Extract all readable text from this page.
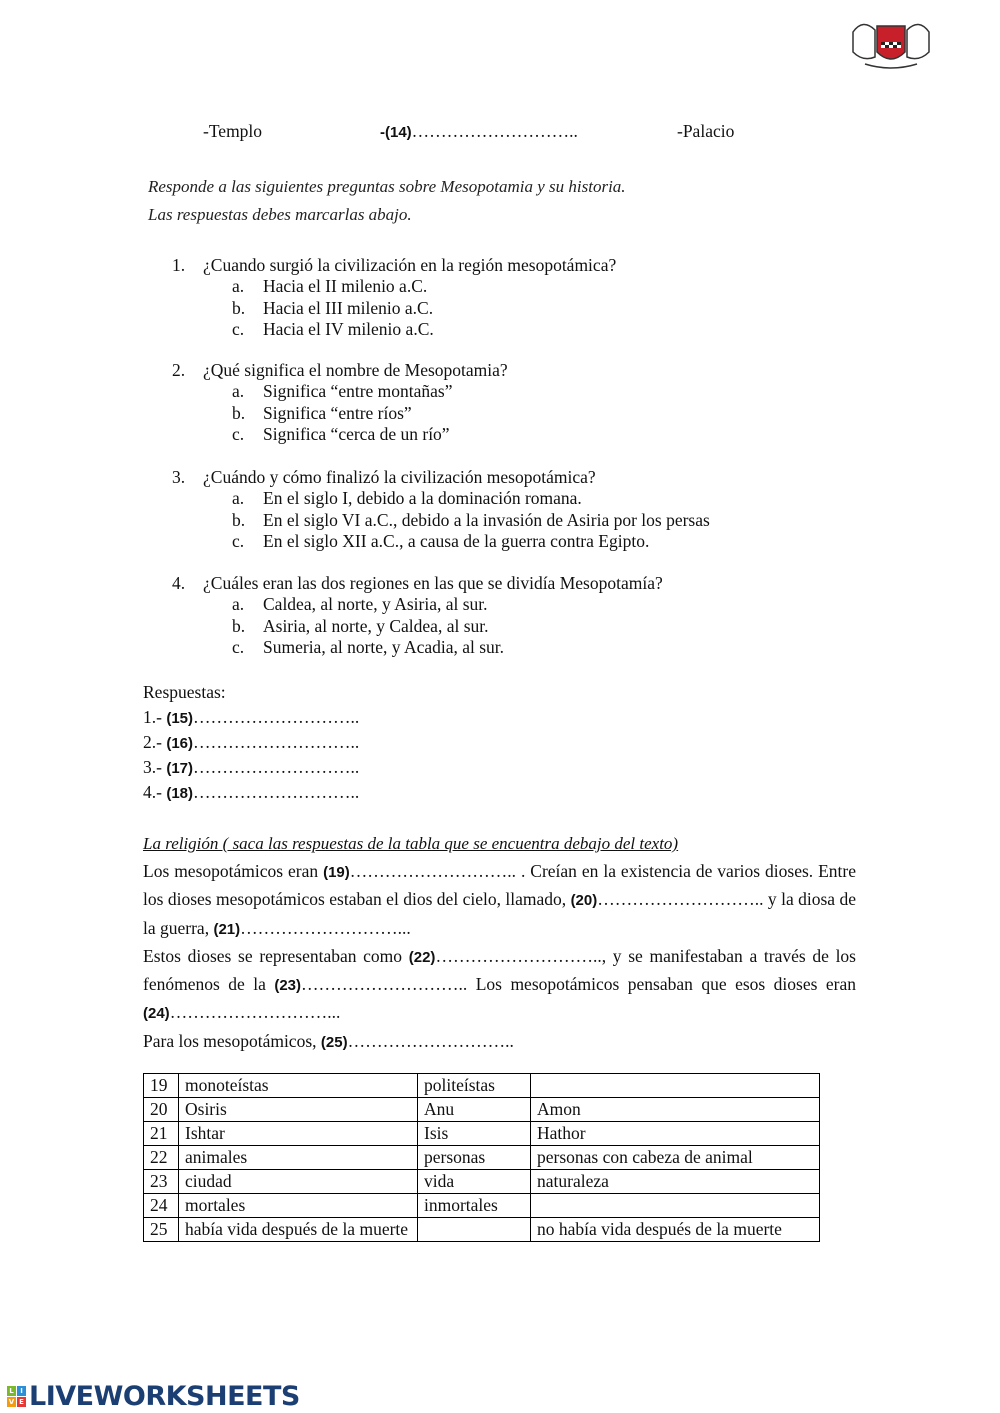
-Templo	-(14)………………………..	-Palacio
Responde a las siguientes preguntas sobre Mesopotamia y su historia.
Las respuestas debes marcarlas abajo.
1. ¿Cuando surgió la civilización en la región mesopotámica?
a. Hacia el II milenio a.C.
b. Hacia el III milenio a.C.
c. Hacia el IV milenio a.C.
2. ¿Qué significa el nombre de Mesopotamia?
a. Significa “entre montañas”
b. Significa “entre ríos”
c. Significa “cerca de un río”
3. ¿Cuándo y cómo finalizó la civilización mesopotámica?
a. En el siglo I, debido a la dominación romana.
b. En el siglo VI a.C., debido a la invasión de Asiria por los persas
c. En el siglo XII a.C., a causa de la guerra contra Egipto.
4. ¿Cuáles eran las dos regiones en las que se dividía Mesopotamía?
a. Caldea, al norte, y Asiria, al sur.
b. Asiria, al norte, y Caldea, al sur.
c. Sumeria, al norte, y Acadia, al sur.
Respuestas:
1.- (15)………………………..
2.- (16)………………………..
3.- (17)………………………..
4.- (18)………………………..
La religión ( saca las respuestas de la tabla que se encuentra debajo del texto)
Los mesopotámicos eran (19)……………………….. . Creían en la existencia de varios dioses. Entre los dioses mesopotámicos estaban el dios del cielo, llamado, (20)……………………….. y la diosa de la guerra, (21)………………………...
Estos dioses se representaban como (22)……………………….., y se manifestaban a través de los fenómenos de la (23)……………………….. Los mesopotámicos pensaban que esos dioses eran (24)………………………...
Para los mesopotámicos, (25)………………………..
19	monoteístas	politeístas	
20	Osiris	Anu	Amon
21	Ishtar	Isis	Hathor
22	animales	personas	personas con cabeza de animal
23	ciudad	vida	naturaleza
24	mortales	inmortales	
25	había vida después de la muerte		no había vida después de la muerte
L I
V E LIVEWORKSHEETS
